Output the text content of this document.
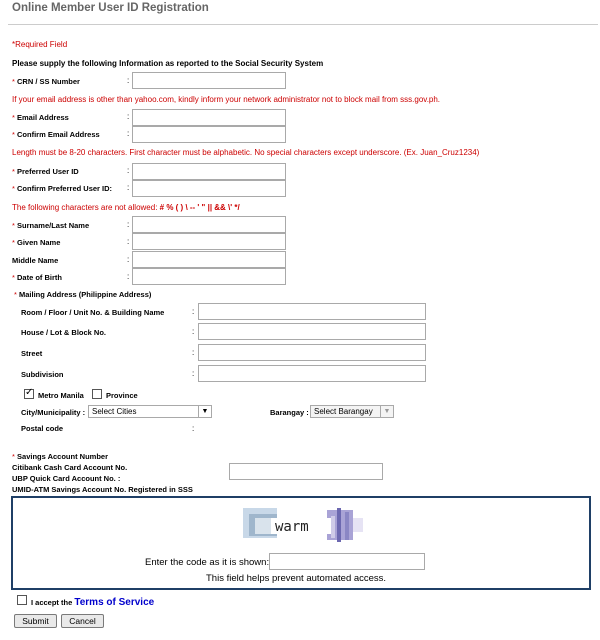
Online Member User ID Registration
*Required Field
Please supply the following Information as reported to the Social Security System
* CRN / SS Number	:
If your email address is other than yahoo.com, kindly inform your network administrator not to block mail from sss.gov.ph.
* Email Address	:
* Confirm Email Address	:
Length must be 8-20 characters. First character must be alphabetic. No special characters except underscore. (Ex. Juan_Cruz1234)
* Preferred User ID	:
* Confirm Preferred User ID: :
The following characters are not allowed: # % ( ) \ -- ' " || && \' */
* Surname/Last Name	:
* Given Name	:
Middle Name	:
* Date of Birth	:
* Mailing Address (Philippine Address)
Room / Floor / Unit No. & Building Name	:
House / Lot & Block No.	:
Street	:
Subdivision	:
✓
Metro Manila	Province
City/Municipality : Select Cities	▼	Barangay : Select Barangay	▼
Postal code	:
* Savings Account Number
Citibank Cash Card Account No.
UBP Quick Card Account No. :
UMID-ATM Savings Account No. Registered in SSS
warm
Enter the code as it is shown:
This field helps prevent automated access.
I accept the Terms of Service
Submit	Cancel
